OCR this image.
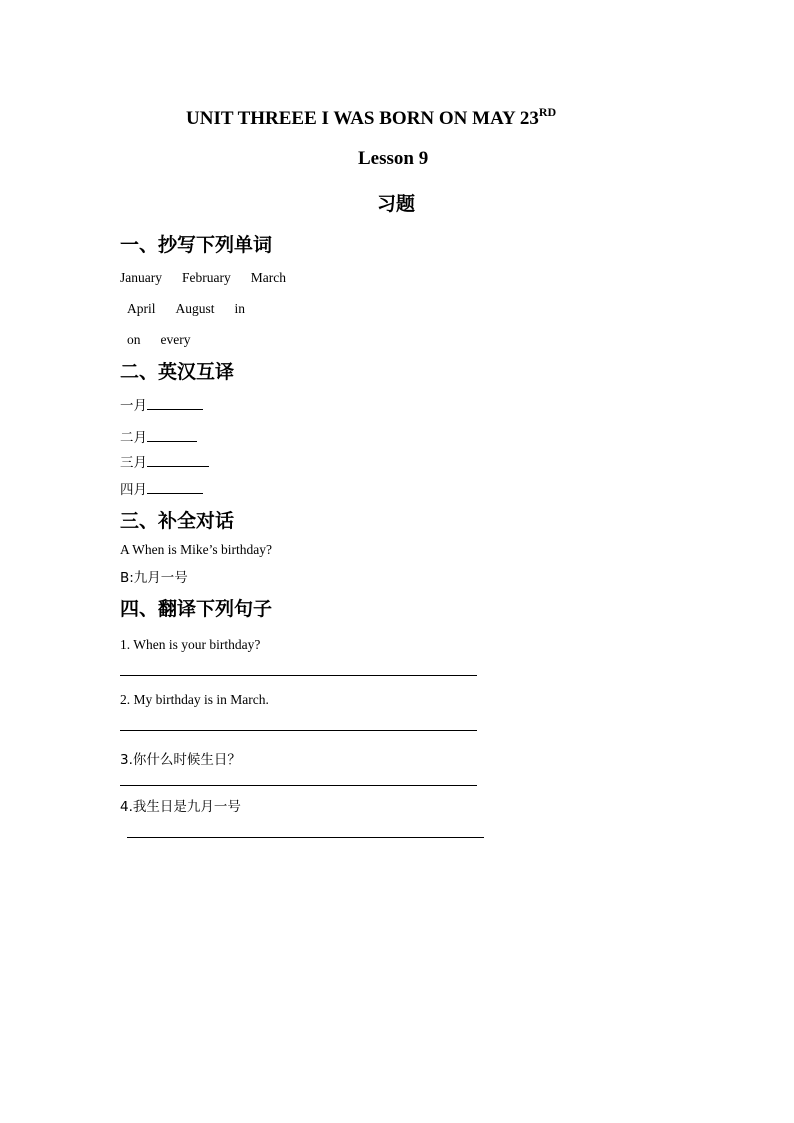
UNIT THREEE I WAS BORN ON MAY 23RD
Lesson 9
习题
一、抄写下列单词
January February March
April August in
on every
二、英汉互译
一月
二月
三月
四月
三、补全对话
A When is Mike’s birthday?
B:九月一号
四、翻译下列句子
1. When is your birthday?
2. My birthday is in March.
3.你什么时候生日？
4.我生日是九月一号
